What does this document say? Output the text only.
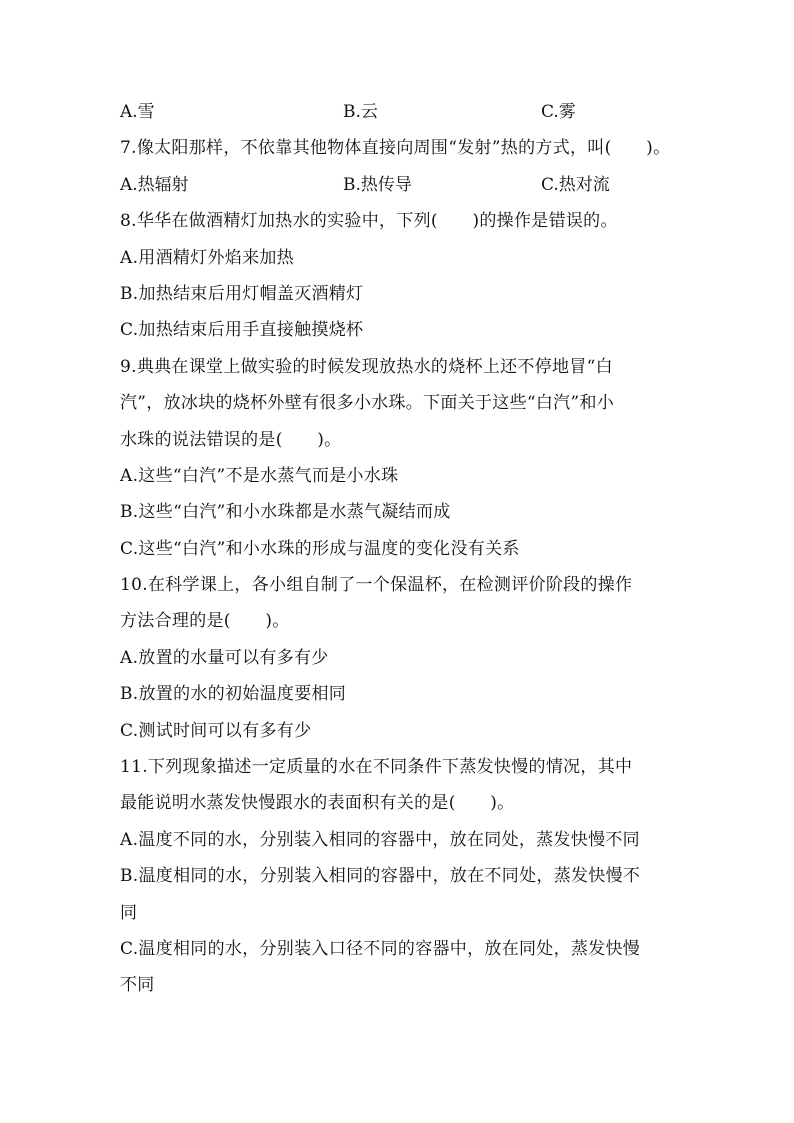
A.雪	B.云	C.雾
7.像太阳那样，不依靠其他物体直接向周围“发射”热的方式，叫(　　)。
A.热辐射	B.热传导	C.热对流
8.华华在做酒精灯加热水的实验中，下列(　　)的操作是错误的。
A.用酒精灯外焰来加热
B.加热结束后用灯帽盖灭酒精灯
C.加热结束后用手直接触摸烧杯
9.典典在课堂上做实验的时候发现放热水的烧杯上还不停地冒“白
汽”，放冰块的烧杯外壁有很多小水珠。下面关于这些“白汽”和小
水珠的说法错误的是(　　)。
A.这些“白汽”不是水蒸气而是小水珠
B.这些“白汽”和小水珠都是水蒸气凝结而成
C.这些“白汽”和小水珠的形成与温度的变化没有关系
10.在科学课上，各小组自制了一个保温杯，在检测评价阶段的操作
方法合理的是(　　)。
A.放置的水量可以有多有少
B.放置的水的初始温度要相同
C.测试时间可以有多有少
11.下列现象描述一定质量的水在不同条件下蒸发快慢的情况，其中
最能说明水蒸发快慢跟水的表面积有关的是(　　)。
A.温度不同的水，分别装入相同的容器中，放在同处，蒸发快慢不同
B.温度相同的水，分别装入相同的容器中，放在不同处，蒸发快慢不
同
C.温度相同的水，分别装入口径不同的容器中，放在同处，蒸发快慢
不同
